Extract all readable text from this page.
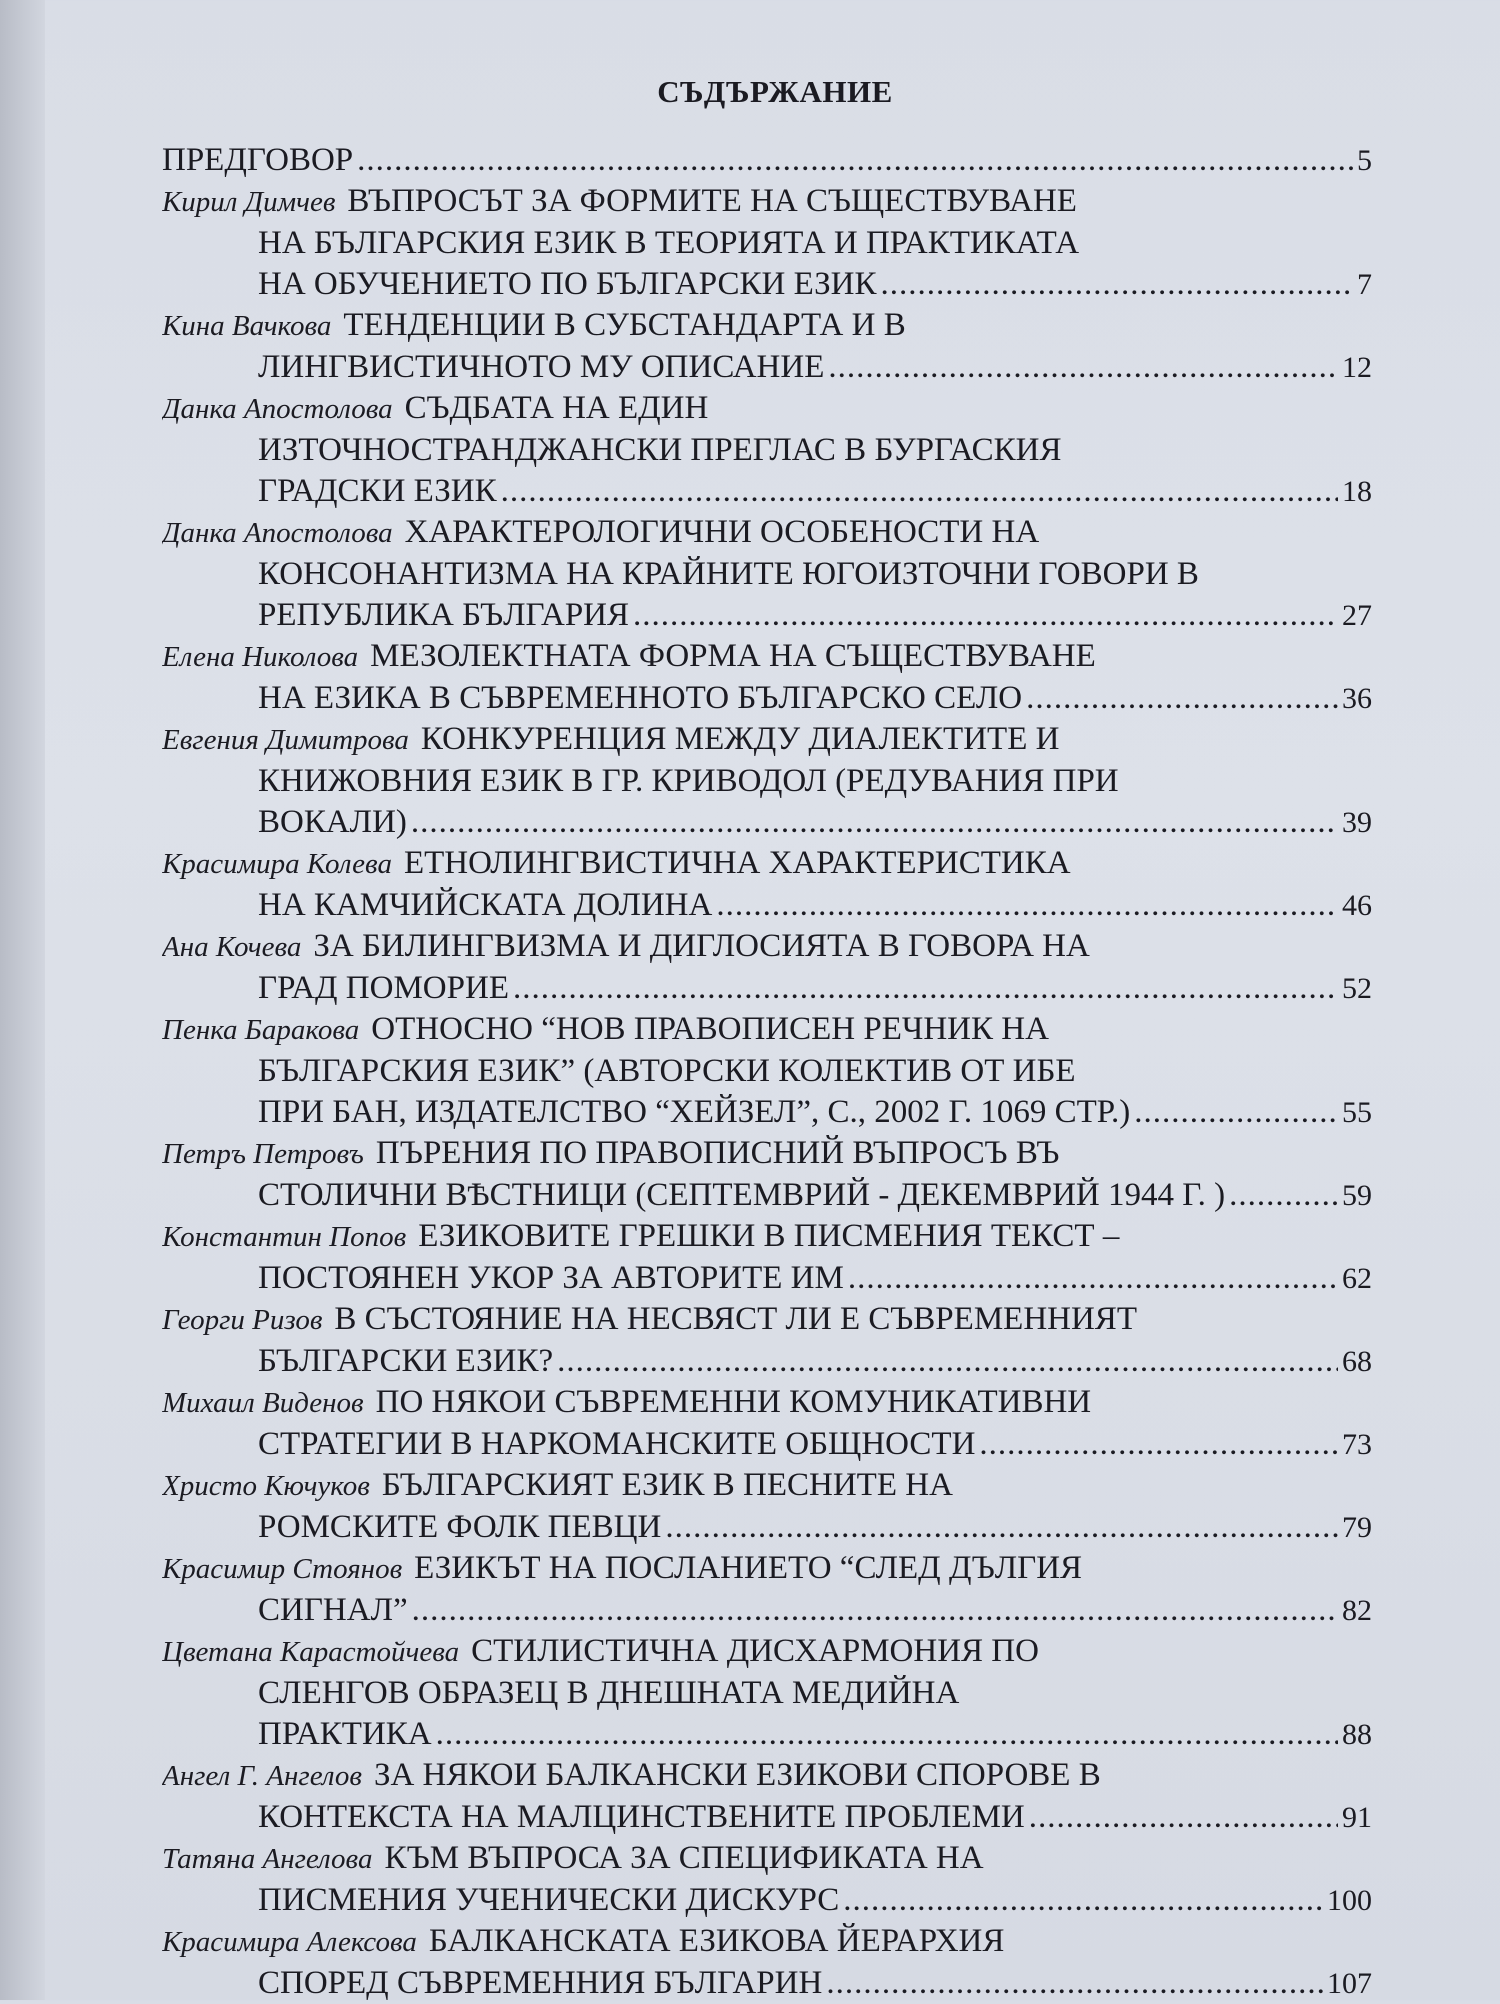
СЪДЪРЖАНИЕ
ПРЕДГОВОР .....	5
Кирил Димчев ВЪПРОСЪТ ЗА ФОРМИТЕ НА СЪЩЕСТВУВАНЕ
НА БЪЛГАРСКИЯ ЕЗИК В ТЕОРИЯТА И ПРАКТИКАТА
НА ОБУЧЕНИЕТО ПО БЪЛГАРСКИ ЕЗИК .....	7
Кина Вачкова ТЕНДЕНЦИИ В СУБСТАНДАРТА И В
ЛИНГВИСТИЧНОТО МУ ОПИСАНИЕ .....	12
Данка Апостолова СЪДБАТА НА ЕДИН
ИЗТОЧНОСТРАНДЖАНСКИ ПРЕГЛАС В БУРГАСКИЯ
ГРАДСКИ ЕЗИК .....	18
Данка Апостолова ХАРАКТЕРОЛОГИЧНИ ОСОБЕНОСТИ НА
КОНСОНАНТИЗМА НА КРАЙНИТЕ ЮГОИЗТОЧНИ ГОВОРИ В
РЕПУБЛИКА БЪЛГАРИЯ .....	27
Елена Николова МЕЗОЛЕКТНАТА ФОРМА НА СЪЩЕСТВУВАНЕ
НА ЕЗИКА В СЪВРЕМЕННОТО БЪЛГАРСКО СЕЛО .....	36
Евгения Димитрова КОНКУРЕНЦИЯ МЕЖДУ ДИАЛЕКТИТЕ И
КНИЖОВНИЯ ЕЗИК В ГР. КРИВОДОЛ (РЕДУВАНИЯ ПРИ
ВОКАЛИ) .....	39
Красимира Колева ЕТНОЛИНГВИСТИЧНА ХАРАКТЕРИСТИКА
НА КАМЧИЙСКАТА ДОЛИНА .....	46
Ана Кочева ЗА БИЛИНГВИЗМА И ДИГЛОСИЯТА В ГОВОРА НА
ГРАД ПОМОРИЕ .....	52
Пенка Баракова ОТНОСНО “НОВ ПРАВОПИСЕН РЕЧНИК НА
БЪЛГАРСКИЯ ЕЗИК” (АВТОРСКИ КОЛЕКТИВ ОТ ИБЕ
ПРИ БАН, ИЗДАТЕЛСТВО “ХЕЙЗЕЛ”, С., 2002 Г. 1069 СТР.) .....	55
Петръ Петровъ ПЪРЕНИЯ ПО ПРАВОПИСНИЙ ВЪПРОСЪ ВЪ
СТОЛИЧНИ ВѢСТНИЦИ (СЕПТЕМВРИЙ - ДЕКЕМВРИЙ 1944 Г. ) .....	59
Константин Попов ЕЗИКОВИТЕ ГРЕШКИ В ПИСМЕНИЯ ТЕКСТ –
ПОСТОЯНЕН УКОР ЗА АВТОРИТЕ ИМ .....	62
Георги Ризов В СЪСТОЯНИЕ НА НЕСВЯСТ ЛИ Е СЪВРЕМЕННИЯТ
БЪЛГАРСКИ ЕЗИК? .....	68
Михаил Виденов ПО НЯКОИ СЪВРЕМЕННИ КОМУНИКАТИВНИ
СТРАТЕГИИ В НАРКОМАНСКИТЕ ОБЩНОСТИ .....	73
Христо Кючуков БЪЛГАРСКИЯТ ЕЗИК В ПЕСНИТЕ НА
РОМСКИТЕ ФОЛК ПЕВЦИ .....	79
Красимир Стоянов ЕЗИКЪТ НА ПОСЛАНИЕТО “СЛЕД ДЪЛГИЯ
СИГНАЛ” .....	82
Цветана Карастойчева СТИЛИСТИЧНА ДИСХАРМОНИЯ ПО
СЛЕНГОВ ОБРАЗЕЦ В ДНЕШНАТА МЕДИЙНА
ПРАКТИКА .....	88
Ангел Г. Ангелов ЗА НЯКОИ БАЛКАНСКИ ЕЗИКОВИ СПОРОВЕ В
КОНТЕКСТА НА МАЛЦИНСТВЕНИТЕ ПРОБЛЕМИ .....	91
Татяна Ангелова КЪМ ВЪПРОСА ЗА СПЕЦИФИКАТА НА
ПИСМЕНИЯ УЧЕНИЧЕСКИ ДИСКУРС .....	100
Красимира Алексова БАЛКАНСКАТА ЕЗИКОВА ЙЕРАРХИЯ
СПОРЕД СЪВРЕМЕННИЯ БЪЛГАРИН .....	107
